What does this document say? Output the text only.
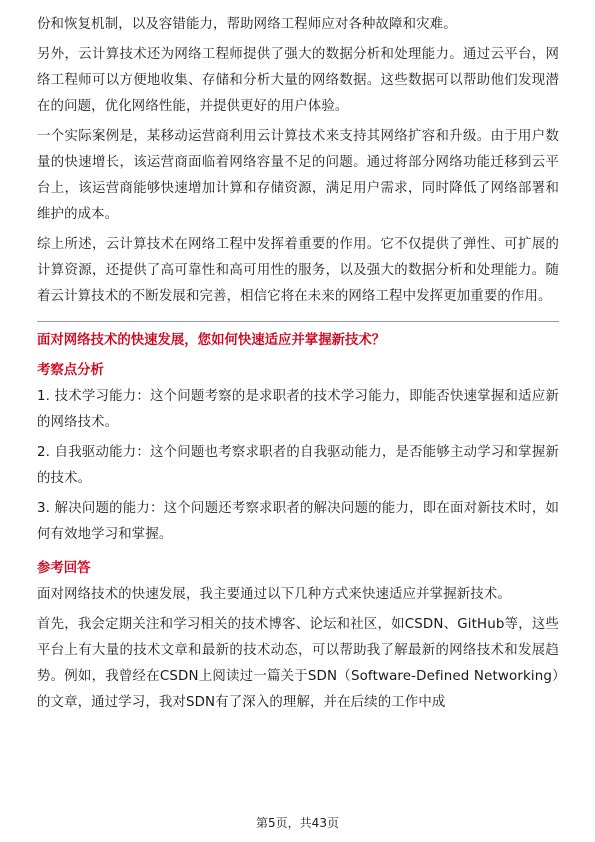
份和恢复机制，以及容错能力，帮助网络工程师应对各种故障和灾难。

另外，云计算技术还为网络工程师提供了强大的数据分析和处理能力。通过云平台，网络工程师可以方便地收集、存储和分析大量的网络数据。这些数据可以帮助他们发现潜在的问题，优化网络性能，并提供更好的用户体验。

一个实际案例是，某移动运营商利用云计算技术来支持其网络扩容和升级。由于用户数量的快速增长，该运营商面临着网络容量不足的问题。通过将部分网络功能迁移到云平台上，该运营商能够快速增加计算和存储资源，满足用户需求，同时降低了网络部署和维护的成本。

综上所述，云计算技术在网络工程中发挥着重要的作用。它不仅提供了弹性、可扩展的计算资源，还提供了高可靠性和高可用性的服务，以及强大的数据分析和处理能力。随着云计算技术的不断发展和完善，相信它将在未来的网络工程中发挥更加重要的作用。

面对网络技术的快速发展，您如何快速适应并掌握新技术？

考察点分析

1. 技术学习能力：这个问题考察的是求职者的技术学习能力，即能否快速掌握和适应新的网络技术。

2. 自我驱动能力：这个问题也考察求职者的自我驱动能力，是否能够主动学习和掌握新的技术。

3. 解决问题的能力：这个问题还考察求职者的解决问题的能力，即在面对新技术时，如何有效地学习和掌握。

参考回答

面对网络技术的快速发展，我主要通过以下几种方式来快速适应并掌握新技术。

首先，我会定期关注和学习相关的技术博客、论坛和社区，如CSDN、GitHub等，这些平台上有大量的技术文章和最新的技术动态，可以帮助我了解最新的网络技术和发展趋势。例如，我曾经在CSDN上阅读过一篇关于SDN（Software-Defined Networking）的文章，通过学习，我对SDN有了深入的理解，并在后续的工作中成

第5页，共43页
